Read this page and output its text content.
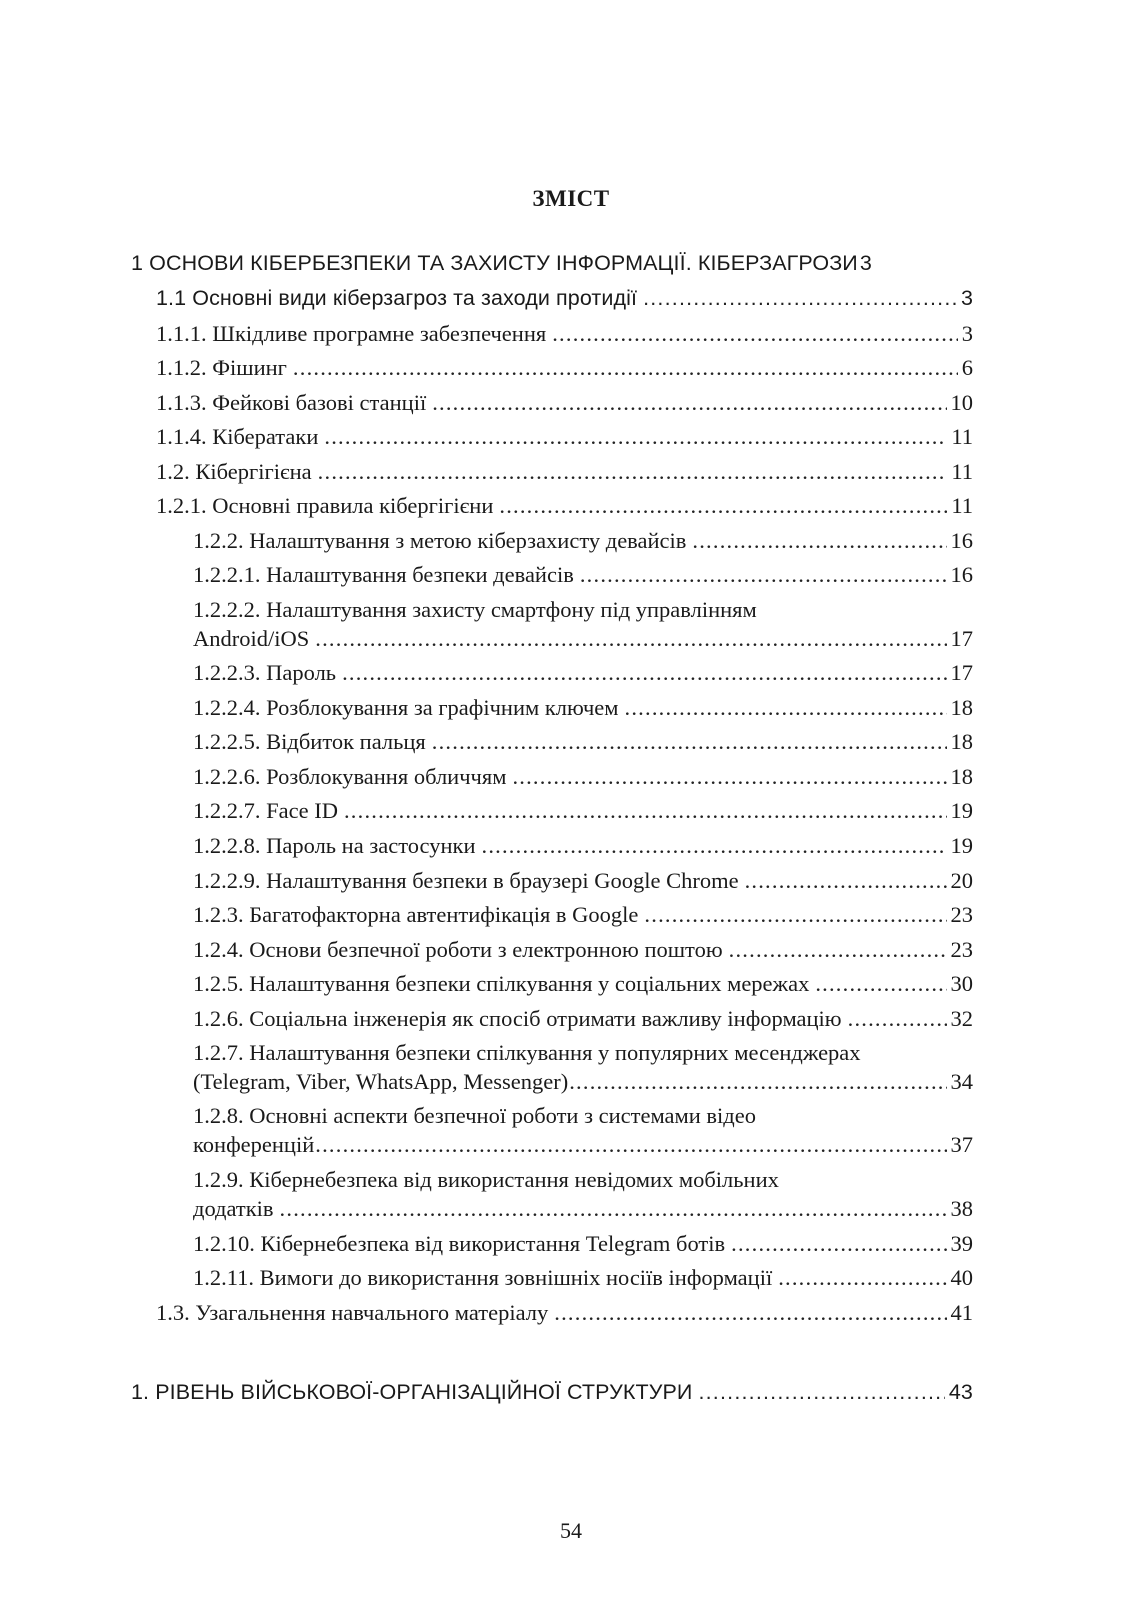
ЗМІСТ
1 ОСНОВИ КІБЕРБЕЗПЕКИ ТА ЗАХИСТУ ІНФОРМАЦІЇ. КІБЕРЗАГРОЗИ 3
1.1 Основні види кіберзагроз та заходи протидії .....	3
1.1.1. Шкідливе програмне забезпечення .....	3
1.1.2. Фішинг .....	6
1.1.3. Фейкові базові станції .....	10
1.1.4. Кібератаки .....	11
1.2. Кібергігієна .....	11
1.2.1. Основні правила кібергігієни .....	11
1.2.2. Налаштування з метою кіберзахисту девайсів .....	16
1.2.2.1. Налаштування безпеки девайсів .....	16
1.2.2.2. Налаштування захисту смартфону під управлінням
Android/iOS .....	17
1.2.2.3. Пароль .....	17
1.2.2.4. Розблокування за графічним ключем .....	18
1.2.2.5. Відбиток пальця .....	18
1.2.2.6. Розблокування обличчям .....	18
1.2.2.7. Face ID .....	19
1.2.2.8. Пароль на застосунки .....	19
1.2.2.9. Налаштування безпеки в браузері Google Chrome .....	20
1.2.3. Багатофакторна автентифікація в Google .....	23
1.2.4. Основи безпечної роботи з електронною поштою .....	23
1.2.5. Налаштування безпеки спілкування у соціальних мережах .....	30
1.2.6. Соціальна інженерія як спосіб отримати важливу інформацію .....	32
1.2.7. Налаштування безпеки спілкування у популярних месенджерах
(Telegram, Viber, WhatsApp, Messenger) .....	34
1.2.8. Основні аспекти безпечної роботи з системами відео
конференцій .....	37
1.2.9. Кібернебезпека від використання невідомих мобільних
додатків .....	38
1.2.10. Кібернебезпека від використання Telegram ботів .....	39
1.2.11. Вимоги до використання зовнішніх носіїв інформації .....	40
1.3. Узагальнення навчального матеріалу .....	41
1. РІВЕНЬ ВІЙСЬКОВОЇ-ОРГАНІЗАЦІЙНОЇ СТРУКТУРИ .....	43
54
